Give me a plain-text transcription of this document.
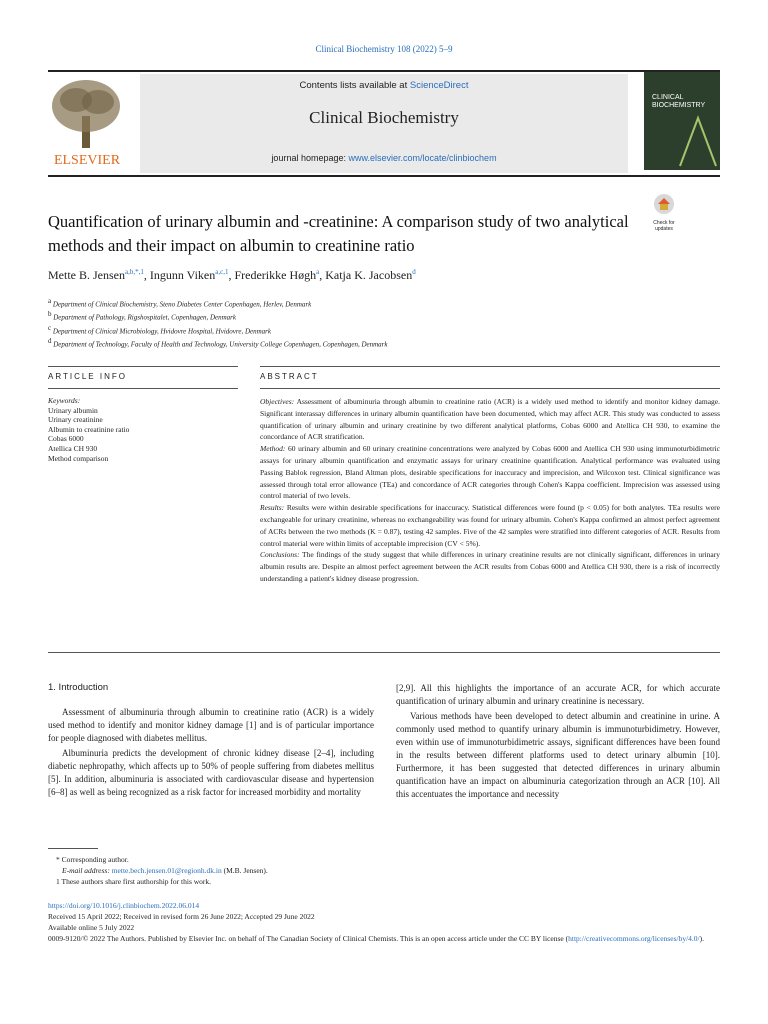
Clinical Biochemistry 108 (2022) 5–9
ELSEVIER
Contents lists available at ScienceDirect
Clinical Biochemistry
journal homepage: www.elsevier.com/locate/clinbiochem
CLINICAL BIOCHEMISTRY
Check for updates
Quantification of urinary albumin and -creatinine: A comparison study of two analytical methods and their impact on albumin to creatinine ratio
Mette B. Jensen$^{a,b,*,1}$, Ingunn Viken$^{a,c,1}$, Frederikke Høgh$^a$, Katja K. Jacobsen$^d$
$^a$ Department of Clinical Biochemistry, Steno Diabetes Center Copenhagen, Herlev, Denmark
$^b$ Department of Pathology, Rigshospitalet, Copenhagen, Denmark
$^c$ Department of Clinical Microbiology, Hvidovre Hospital, Hvidovre, Denmark
$^d$ Department of Technology, Faculty of Health and Technology, University College Copenhagen, Copenhagen, Denmark
ARTICLE INFO	ABSTRACT
Keywords:
Urinary albumin
Urinary creatinine
Albumin to creatinine ratio
Cobas 6000
Atellica CH 930
Method comparison
Objectives: Assessment of albuminuria through albumin to creatinine ratio (ACR) is a widely used method to identify and monitor kidney damage. Significant interassay differences in urinary albumin quantification have been documented, which may affect ACR. This study was conducted to assess quantification of urinary albumin and urinary creatinine by two different analytical platforms, Cobas 6000 and Atellica CH 930, to examine the concordance of ACR stratification.
Method: 60 urinary albumin and 60 urinary creatinine concentrations were analyzed by Cobas 6000 and Atellica CH 930 using immunoturbidimetric assays for urinary albumin quantification and enzymatic assays for urinary creatinine quantification. Analytical performance was evaluated using Passing Bablok regression, Bland Altman plots, desirable specifications for inaccuracy and imprecision, and Wilcoxon test. Clinical significance was assessed through total error allowance (TEa) and concordance of ACR categories through Cohen's Kappa coefficient. Imprecision was assessed using control material of two levels.
Results: Results were within desirable specifications for inaccuracy. Statistical differences were found (p < 0.05) for both analytes. TEa results were exchangeable for urinary creatinine, whereas no exchangeability was found for urinary albumin. Cohen's Kappa confirmed an almost perfect agreement of ACRs between the two methods (K = 0.87), testing 42 samples. Five of the 42 samples were stratified into different categories of ACR. Results from control material were within limits of acceptable imprecision (CV < 5%).
Conclusions: The findings of the study suggest that while differences in urinary creatinine results are not clinically significant, differences in urinary albumin results are. Despite an almost perfect agreement between the ACR results from Cobas 6000 and Atellica CH 930, there is a risk of incorrectly understanding a patient's kidney disease progression.
1. Introduction

Assessment of albuminuria through albumin to creatinine ratio (ACR) is a widely used method to identify and monitor kidney damage [1] and is of particular importance for people diagnosed with diabetes mellitus.

Albuminuria predicts the development of chronic kidney disease [2–4], including diabetic nephropathy, which affects up to 50% of people suffering from diabetes mellitus [5]. In addition, albuminuria is associated with cardiovascular disease and hypertension [6–8] as well as being recognized as a risk factor for increased morbidity and mortality

[2,9]. All this highlights the importance of an accurate ACR, for which accurate quantification of urinary albumin and urinary creatinine is necessary.

Various methods have been developed to detect albumin and creatinine in urine. A commonly used method to quantify urinary albumin is immunoturbidimetry. However, even within use of immunoturbidimetric assays, significant differences have been found in the results between different platforms used to detect urinary albumin [10]. Furthermore, it has been suggested that detected differences in urinary albumin quantification have an impact on albuminuria categorization through an ACR [10]. All this accentuates the importance and necessity

* Corresponding author.
E-mail address: mette.bech.jensen.01@regionh.dk.in (M.B. Jensen).
1 These authors share first authorship for this work.
https://doi.org/10.1016/j.clinbiochem.2022.06.014
Received 15 April 2022; Received in revised form 26 June 2022; Accepted 29 June 2022
Available online 5 July 2022
0009-9120/© 2022 The Authors. Published by Elsevier Inc. on behalf of The Canadian Society of Clinical Chemists. This is an open access article under the CC BY license (http://creativecommons.org/licenses/by/4.0/).
